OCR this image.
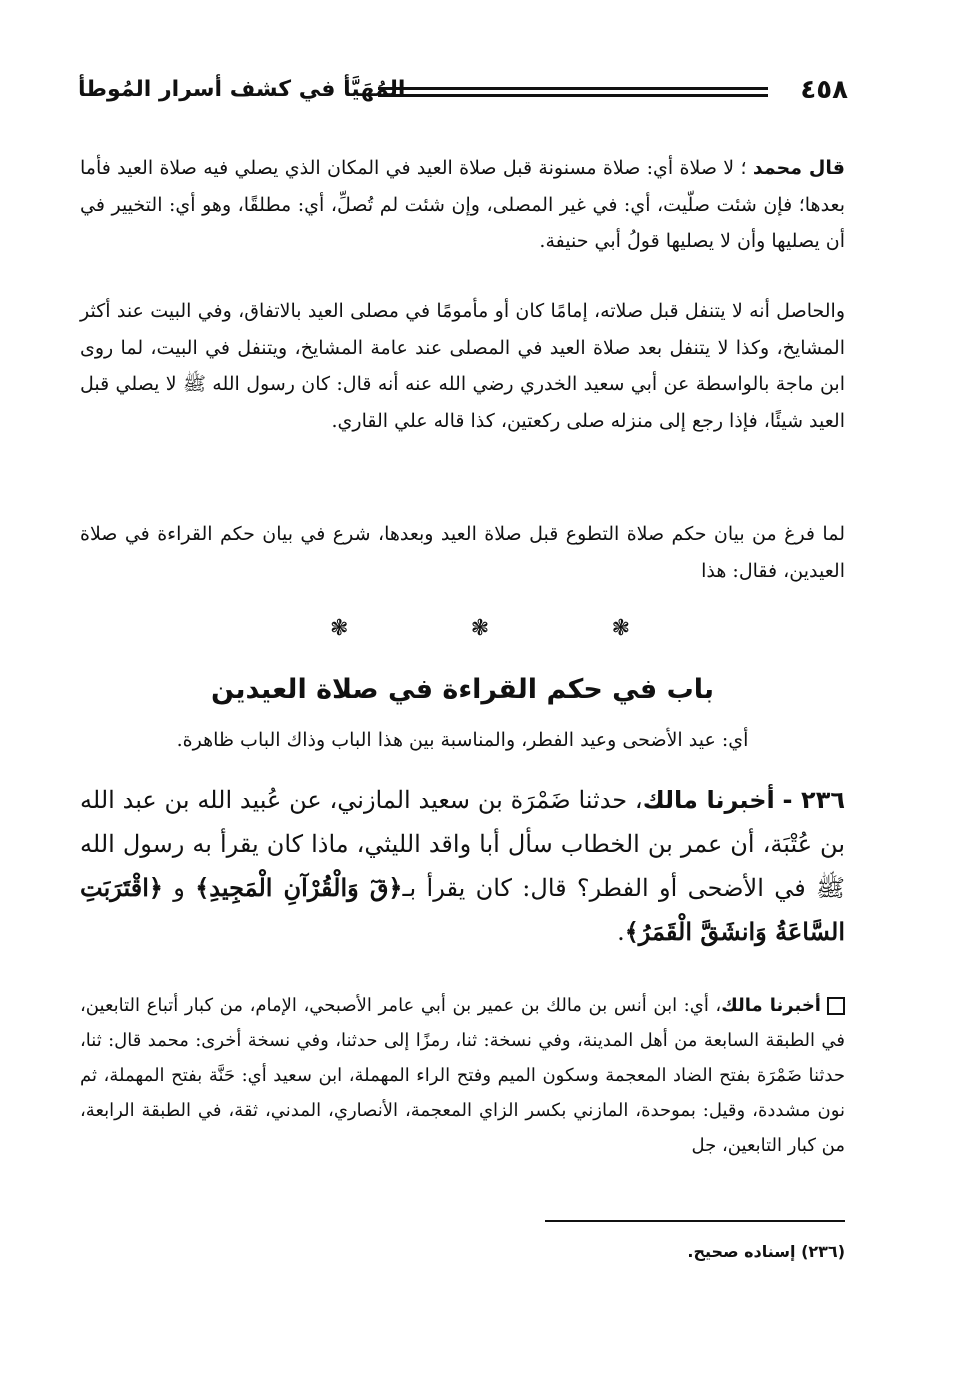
٤٥٨
المُهَيَّأ في كشف أسرار المُوطأ

قال محمد ؛ لا صلاة أي: صلاة مسنونة قبل صلاة العيد في المكان الذي يصلي فيه صلاة العيد فأما بعدها؛ فإن شئت صلّيت، أي: في غير المصلى، وإن شئت لم تُصلِّ، أي: مطلقًا، وهو أي: التخيير في أن يصليها وأن لا يصليها قولُ أبي حنيفة.

والحاصل أنه لا يتنفل قبل صلاته، إمامًا كان أو مأمومًا في مصلى العيد بالاتفاق، وفي البيت عند أكثر المشايخ، وكذا لا يتنفل بعد صلاة العيد في المصلى عند عامة المشايخ، ويتنفل في البيت، لما روى ابن ماجة بالواسطة عن أبي سعيد الخدري رضي الله عنه أنه قال: كان رسول الله ﷺ لا يصلي قبل العيد شيئًا، فإذا رجع إلى منزله صلى ركعتين، كذا قاله علي القاري.

لما فرغ من بيان حكم صلاة التطوع قبل صلاة العيد وبعدها، شرع في بيان حكم القراءة في صلاة العيدين، فقال: هذا

❃	❃	❃
باب في حكم القراءة في صلاة العيدين

أي: عيد الأضحى وعيد الفطر، والمناسبة بين هذا الباب وذاك الباب ظاهرة.

٢٣٦ - أخبرنا مالك، حدثنا ضَمْرَة بن سعيد المازني، عن عُبيد الله بن عبد الله بن عُتْبَة، أن عمر بن الخطاب سأل أبا واقد الليثي، ماذا كان يقرأ به رسول الله ﷺ في الأضحى أو الفطر؟ قال: كان يقرأ بـ﴿قٓ وَالْقُرْآنِ الْمَجِيدِ﴾ و ﴿اقْتَرَبَتِ السَّاعَةُ وَانشَقَّ الْقَمَرُ﴾.

أخبرنا مالك، أي: ابن أنس بن مالك بن عمير بن أبي عامر الأصبحي، الإمام، من كبار أتباع التابعين، في الطبقة السابعة من أهل المدينة، وفي نسخة: ثنا، رمزًا إلى حدثنا، وفي نسخة أخرى: محمد قال: ثنا، حدثنا ضَمْرَة بفتح الضاد المعجمة وسكون الميم وفتح الراء المهملة، ابن سعيد أي: حَنَّة بفتح المهملة، ثم نون مشددة، وقيل: بموحدة، المازني بكسر الزاي المعجمة، الأنصاري، المدني، ثقة، في الطبقة الرابعة، من كبار التابعين، جل

(٢٣٦) إسناده صحيح.
